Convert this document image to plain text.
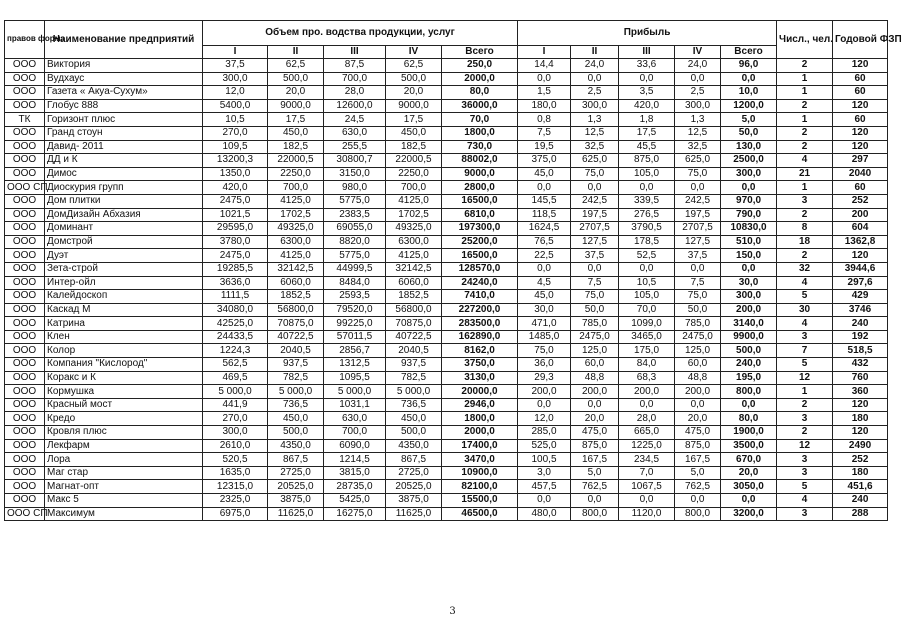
правов форма	Наименование предприятий	Объем про. водства продукции, услуг					Прибыль					Числ., чел.	Годовой ФЗП
		I	II	III	IV	Всего	I	II	III	IV	Всего		
ООО	Виктория	37,5	62,5	87,5	62,5	250,0	14,4	24,0	33,6	24,0	96,0	2	120
ООО	Вудхаус	300,0	500,0	700,0	500,0	2000,0	0,0	0,0	0,0	0,0	0,0	1	60
ООО	Газета « Акуа-Сухум»	12,0	20,0	28,0	20,0	80,0	1,5	2,5	3,5	2,5	10,0	1	60
ООО	Глобус 888	5400,0	9000,0	12600,0	9000,0	36000,0	180,0	300,0	420,0	300,0	1200,0	2	120
ТК	Горизонт плюс	10,5	17,5	24,5	17,5	70,0	0,8	1,3	1,8	1,3	5,0	1	60
ООО	Гранд стоун	270,0	450,0	630,0	450,0	1800,0	7,5	12,5	17,5	12,5	50,0	2	120
ООО	Давид- 2011	109,5	182,5	255,5	182,5	730,0	19,5	32,5	45,5	32,5	130,0	2	120
ООО	ДД и К	13200,3	22000,5	30800,7	22000,5	88002,0	375,0	625,0	875,0	625,0	2500,0	4	297
ООО	Димос	1350,0	2250,0	3150,0	2250,0	9000,0	45,0	75,0	105,0	75,0	300,0	21	2040
ООО СП	Диоскурия групп	420,0	700,0	980,0	700,0	2800,0	0,0	0,0	0,0	0,0	0,0	1	60
ООО	Дом плитки	2475,0	4125,0	5775,0	4125,0	16500,0	145,5	242,5	339,5	242,5	970,0	3	252
ООО	ДомДизайн Абхазия	1021,5	1702,5	2383,5	1702,5	6810,0	118,5	197,5	276,5	197,5	790,0	2	200
ООО	Доминант	29595,0	49325,0	69055,0	49325,0	197300,0	1624,5	2707,5	3790,5	2707,5	10830,0	8	604
ООО	Домстрой	3780,0	6300,0	8820,0	6300,0	25200,0	76,5	127,5	178,5	127,5	510,0	18	1362,8
ООО	Дуэт	2475,0	4125,0	5775,0	4125,0	16500,0	22,5	37,5	52,5	37,5	150,0	2	120
ООО	Зета-строй	19285,5	32142,5	44999,5	32142,5	128570,0	0,0	0,0	0,0	0,0	0,0	32	3944,6
ООО	Интер-ойл	3636,0	6060,0	8484,0	6060,0	24240,0	4,5	7,5	10,5	7,5	30,0	4	297,6
ООО	Калейдоскоп	1111,5	1852,5	2593,5	1852,5	7410,0	45,0	75,0	105,0	75,0	300,0	5	429
ООО	Каскад М	34080,0	56800,0	79520,0	56800,0	227200,0	30,0	50,0	70,0	50,0	200,0	30	3746
ООО	Катрина	42525,0	70875,0	99225,0	70875,0	283500,0	471,0	785,0	1099,0	785,0	3140,0	4	240
ООО	Клен	24433,5	40722,5	57011,5	40722,5	162890,0	1485,0	2475,0	3465,0	2475,0	9900,0	3	192
ООО	Колор	1224,3	2040,5	2856,7	2040,5	8162,0	75,0	125,0	175,0	125,0	500,0	7	518,5
ООО	Компания "Кислород"	562,5	937,5	1312,5	937,5	3750,0	36,0	60,0	84,0	60,0	240,0	5	432
ООО	Коракс и К	469,5	782,5	1095,5	782,5	3130,0	29,3	48,8	68,3	48,8	195,0	12	760
ООО	Кормушка	5 000,0	5 000,0	5 000,0	5 000,0	20000,0	200,0	200,0	200,0	200,0	800,0	1	360
ООО	Красный мост	441,9	736,5	1031,1	736,5	2946,0	0,0	0,0	0,0	0,0	0,0	2	120
ООО	Кредо	270,0	450,0	630,0	450,0	1800,0	12,0	20,0	28,0	20,0	80,0	3	180
ООО	Кровля плюс	300,0	500,0	700,0	500,0	2000,0	285,0	475,0	665,0	475,0	1900,0	2	120
ООО	Лекфарм	2610,0	4350,0	6090,0	4350,0	17400,0	525,0	875,0	1225,0	875,0	3500,0	12	2490
ООО	Лора	520,5	867,5	1214,5	867,5	3470,0	100,5	167,5	234,5	167,5	670,0	3	252
ООО	Маг стар	1635,0	2725,0	3815,0	2725,0	10900,0	3,0	5,0	7,0	5,0	20,0	3	180
ООО	Магнат-опт	12315,0	20525,0	28735,0	20525,0	82100,0	457,5	762,5	1067,5	762,5	3050,0	5	451,6
ООО	Макс 5	2325,0	3875,0	5425,0	3875,0	15500,0	0,0	0,0	0,0	0,0	0,0	4	240
ООО СП	Максимум	6975,0	11625,0	16275,0	11625,0	46500,0	480,0	800,0	1120,0	800,0	3200,0	3	288
3
